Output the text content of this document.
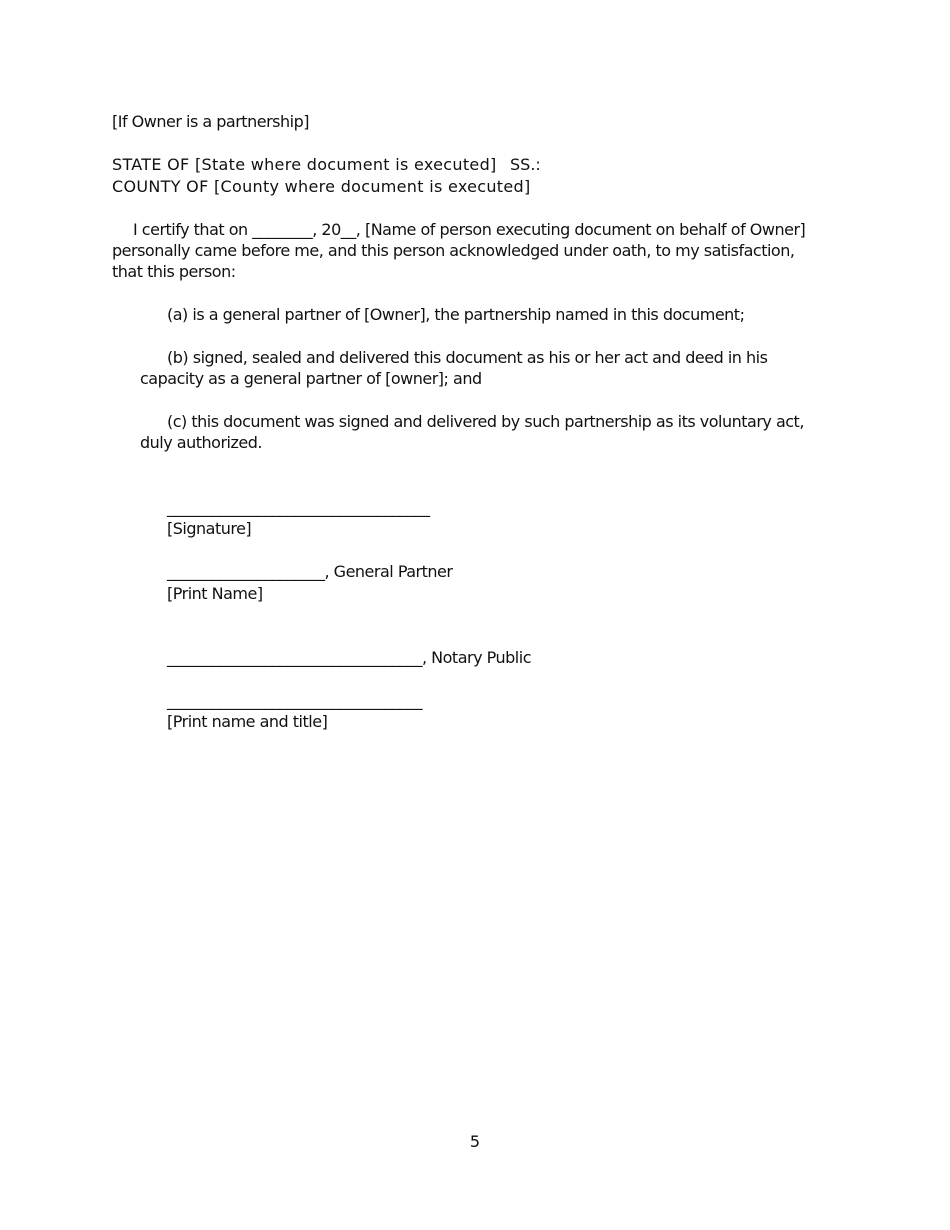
[If Owner is a partnership]
STATE OF [State where document is executed] SS.:
COUNTY OF [County where document is executed]
I certify that on ________, 20__, [Name of person executing document on behalf of Owner] personally came before me, and this person acknowledged under oath, to my satisfaction, that this person:
(a) is a general partner of [Owner], the partnership named in this document;
(b) signed, sealed and delivered this document as his or her act and deed in his capacity as a general partner of [owner]; and
(c) this document was signed and delivered by such partnership as its voluntary act, duly authorized.
___________________________________
[Signature]
_____________________, General Partner
[Print Name]
__________________________________, Notary Public
__________________________________
[Print name and title]
5
